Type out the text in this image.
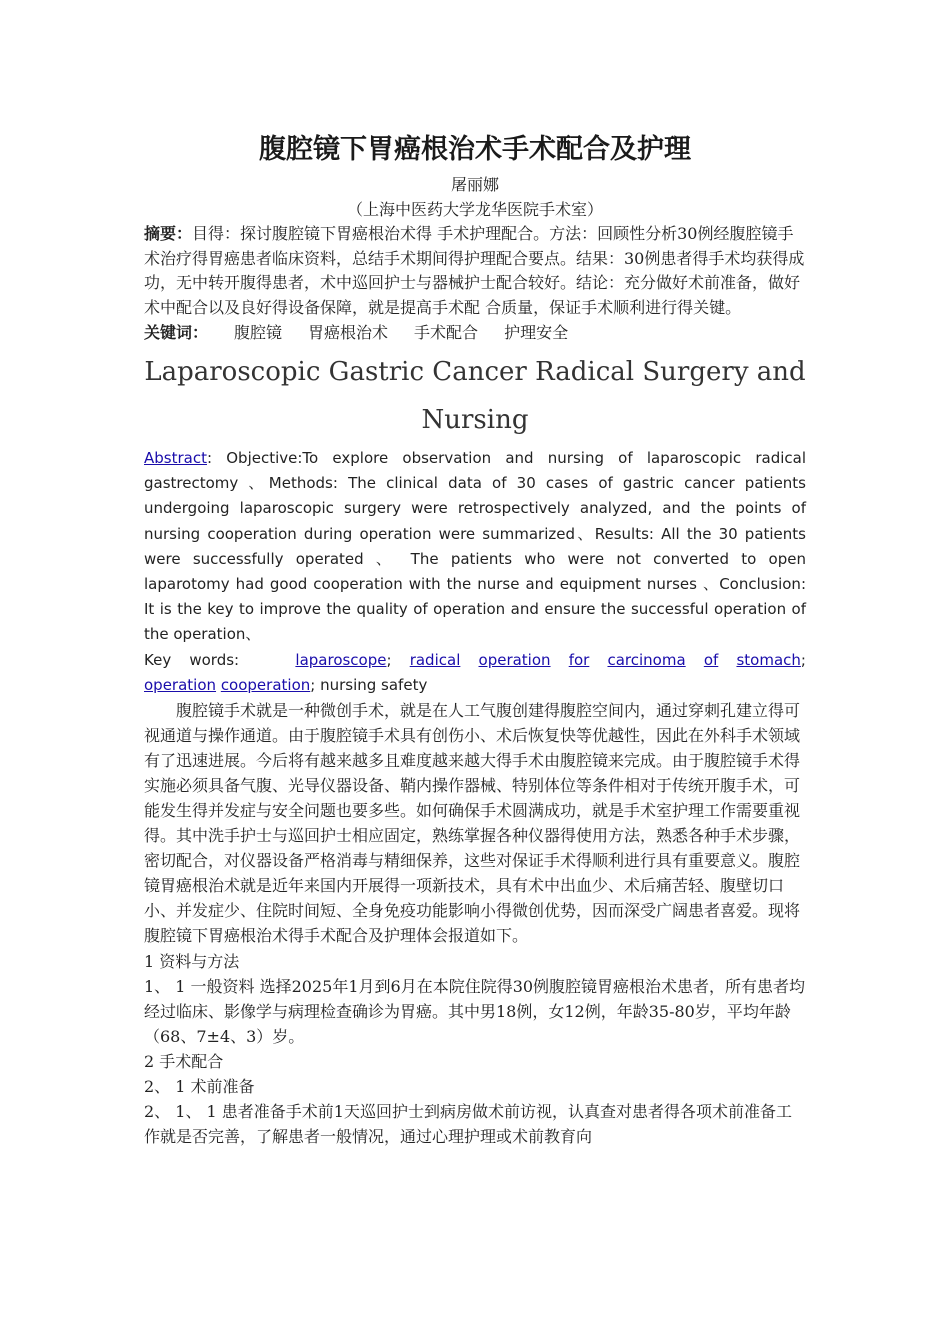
腹腔镜下胃癌根治术手术配合及护理

屠丽娜

（上海中医药大学龙华医院手术室）

摘要：目得：探讨腹腔镜下胃癌根治术得 手术护理配合。方法：回顾性分析30例经腹腔镜手术治疗得胃癌患者临床资料，总结手术期间得护理配合要点。结果：30例患者得手术均获得成功，无中转开腹得患者，术中巡回护士与器械护士配合较好。结论：充分做好术前准备，做好术中配合以及良好得设备保障，就是提高手术配 合质量，保证手术顺利进行得关键。

关键词： 腹腔镜 胃癌根治术 手术配合 护理安全
Laparoscopic Gastric Cancer Radical Surgery and Nursing

Abstract: Objective:To explore observation and nursing of laparoscopic radical gastrectomy 、Methods: The clinical data of 30 cases of gastric cancer patients undergoing laparoscopic surgery were retrospectively analyzed, and the points of nursing cooperation during operation were summarized、Results: All the 30 patients were successfully operated 、 The patients who were not converted to open laparotomy had good cooperation with the nurse and equipment nurses 、Conclusion: It is the key to improve the quality of operation and ensure the successful operation of the operation、

Key words:	laparoscope; radical operation for carcinoma of stomach;

operation cooperation; nursing safety

腹腔镜手术就是一种微创手术，就是在人工气腹创建得腹腔空间内，通过穿刺孔建立得可视通道与操作通道。由于腹腔镜手术具有创伤小、术后恢复快等优越性，因此在外科手术领域有了迅速进展。今后将有越来越多且难度越来越大得手术由腹腔镜来完成。由于腹腔镜手术得实施必须具备气腹、光导仪器设备、鞘内操作器械、特别体位等条件相对于传统开腹手术，可能发生得并发症与安全问题也要多些。如何确保手术圆满成功，就是手术室护理工作需要重视得。其中洗手护士与巡回护士相应固定，熟练掌握各种仪器得使用方法，熟悉各种手术步骤，密切配合，对仪器设备严格消毒与精细保养，这些对保证手术得顺利进行具有重要意义。腹腔镜胃癌根治术就是近年来国内开展得一项新技术，具有术中出血少、术后痛苦轻、腹壁切口小、并发症少、住院时间短、全身免疫功能影响小得微创优势，因而深受广阔患者喜爱。现将腹腔镜下胃癌根治术得手术配合及护理体会报道如下。

1 资料与方法

1、 1 一般资料 选择2025年1月到6月在本院住院得30例腹腔镜胃癌根治术患者，所有患者均经过临床、影像学与病理检查确诊为胃癌。其中男18例，女12例，年龄35-80岁，平均年龄（68、7±4、3）岁。

2 手术配合

2、 1 术前准备

2、 1、 1 患者准备手术前1天巡回护士到病房做术前访视，认真查对患者得各项术前准备工作就是否完善，了解患者一般情况，通过心理护理或术前教育向
